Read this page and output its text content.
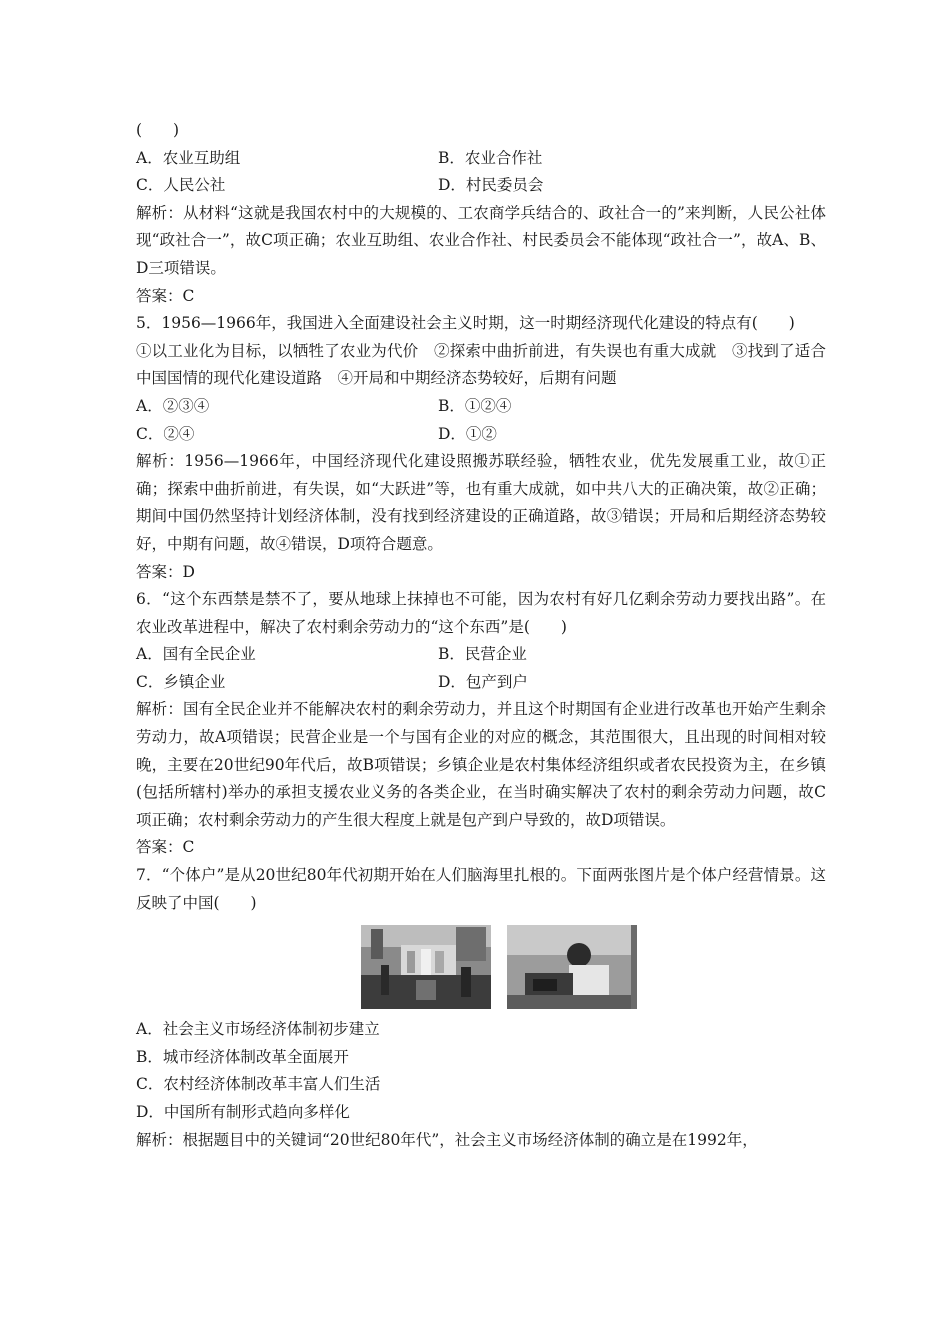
(　　)
A．农业互助组	B．农业合作社
C．人民公社	D．村民委员会
解析：从材料“这就是我国农村中的大规模的、工农商学兵结合的、政社合一的”来判断，人民公社体现“政社合一”，故C项正确；农业互助组、农业合作社、村民委员会不能体现“政社合一”，故A、B、D三项错误。
答案：C
5．1956—1966年，我国进入全面建设社会主义时期，这一时期经济现代化建设的特点有(　　)
①以工业化为目标，以牺牲了农业为代价　②探索中曲折前进，有失误也有重大成就　③找到了适合中国国情的现代化建设道路　④开局和中期经济态势较好，后期有问题
A．②③④	B．①②④
C．②④	D．①②
解析：1956—1966年，中国经济现代化建设照搬苏联经验，牺牲农业，优先发展重工业，故①正确；探索中曲折前进，有失误，如“大跃进”等，也有重大成就，如中共八大的正确决策，故②正确；期间中国仍然坚持计划经济体制，没有找到经济建设的正确道路，故③错误；开局和后期经济态势较好，中期有问题，故④错误，D项符合题意。
答案：D
6．“这个东西禁是禁不了，要从地球上抹掉也不可能，因为农村有好几亿剩余劳动力要找出路”。在农业改革进程中，解决了农村剩余劳动力的“这个东西”是(　　)
A．国有全民企业	B．民营企业
C．乡镇企业	D．包产到户
解析：国有全民企业并不能解决农村的剩余劳动力，并且这个时期国有企业进行改革也开始产生剩余劳动力，故A项错误；民营企业是一个与国有企业的对应的概念，其范围很大，且出现的时间相对较晚，主要在20世纪90年代后，故B项错误；乡镇企业是农村集体经济组织或者农民投资为主，在乡镇(包括所辖村)举办的承担支援农业义务的各类企业，在当时确实解决了农村的剩余劳动力问题，故C项正确；农村剩余劳动力的产生很大程度上就是包产到户导致的，故D项错误。
答案：C
7．“个体户”是从20世纪80年代初期开始在人们脑海里扎根的。下面两张图片是个体户经营情景。这反映了中国(　　)
A．社会主义市场经济体制初步建立
B．城市经济体制改革全面展开
C．农村经济体制改革丰富人们生活
D．中国所有制形式趋向多样化
解析：根据题目中的关键词“20世纪80年代”，社会主义市场经济体制的确立是在1992年，
